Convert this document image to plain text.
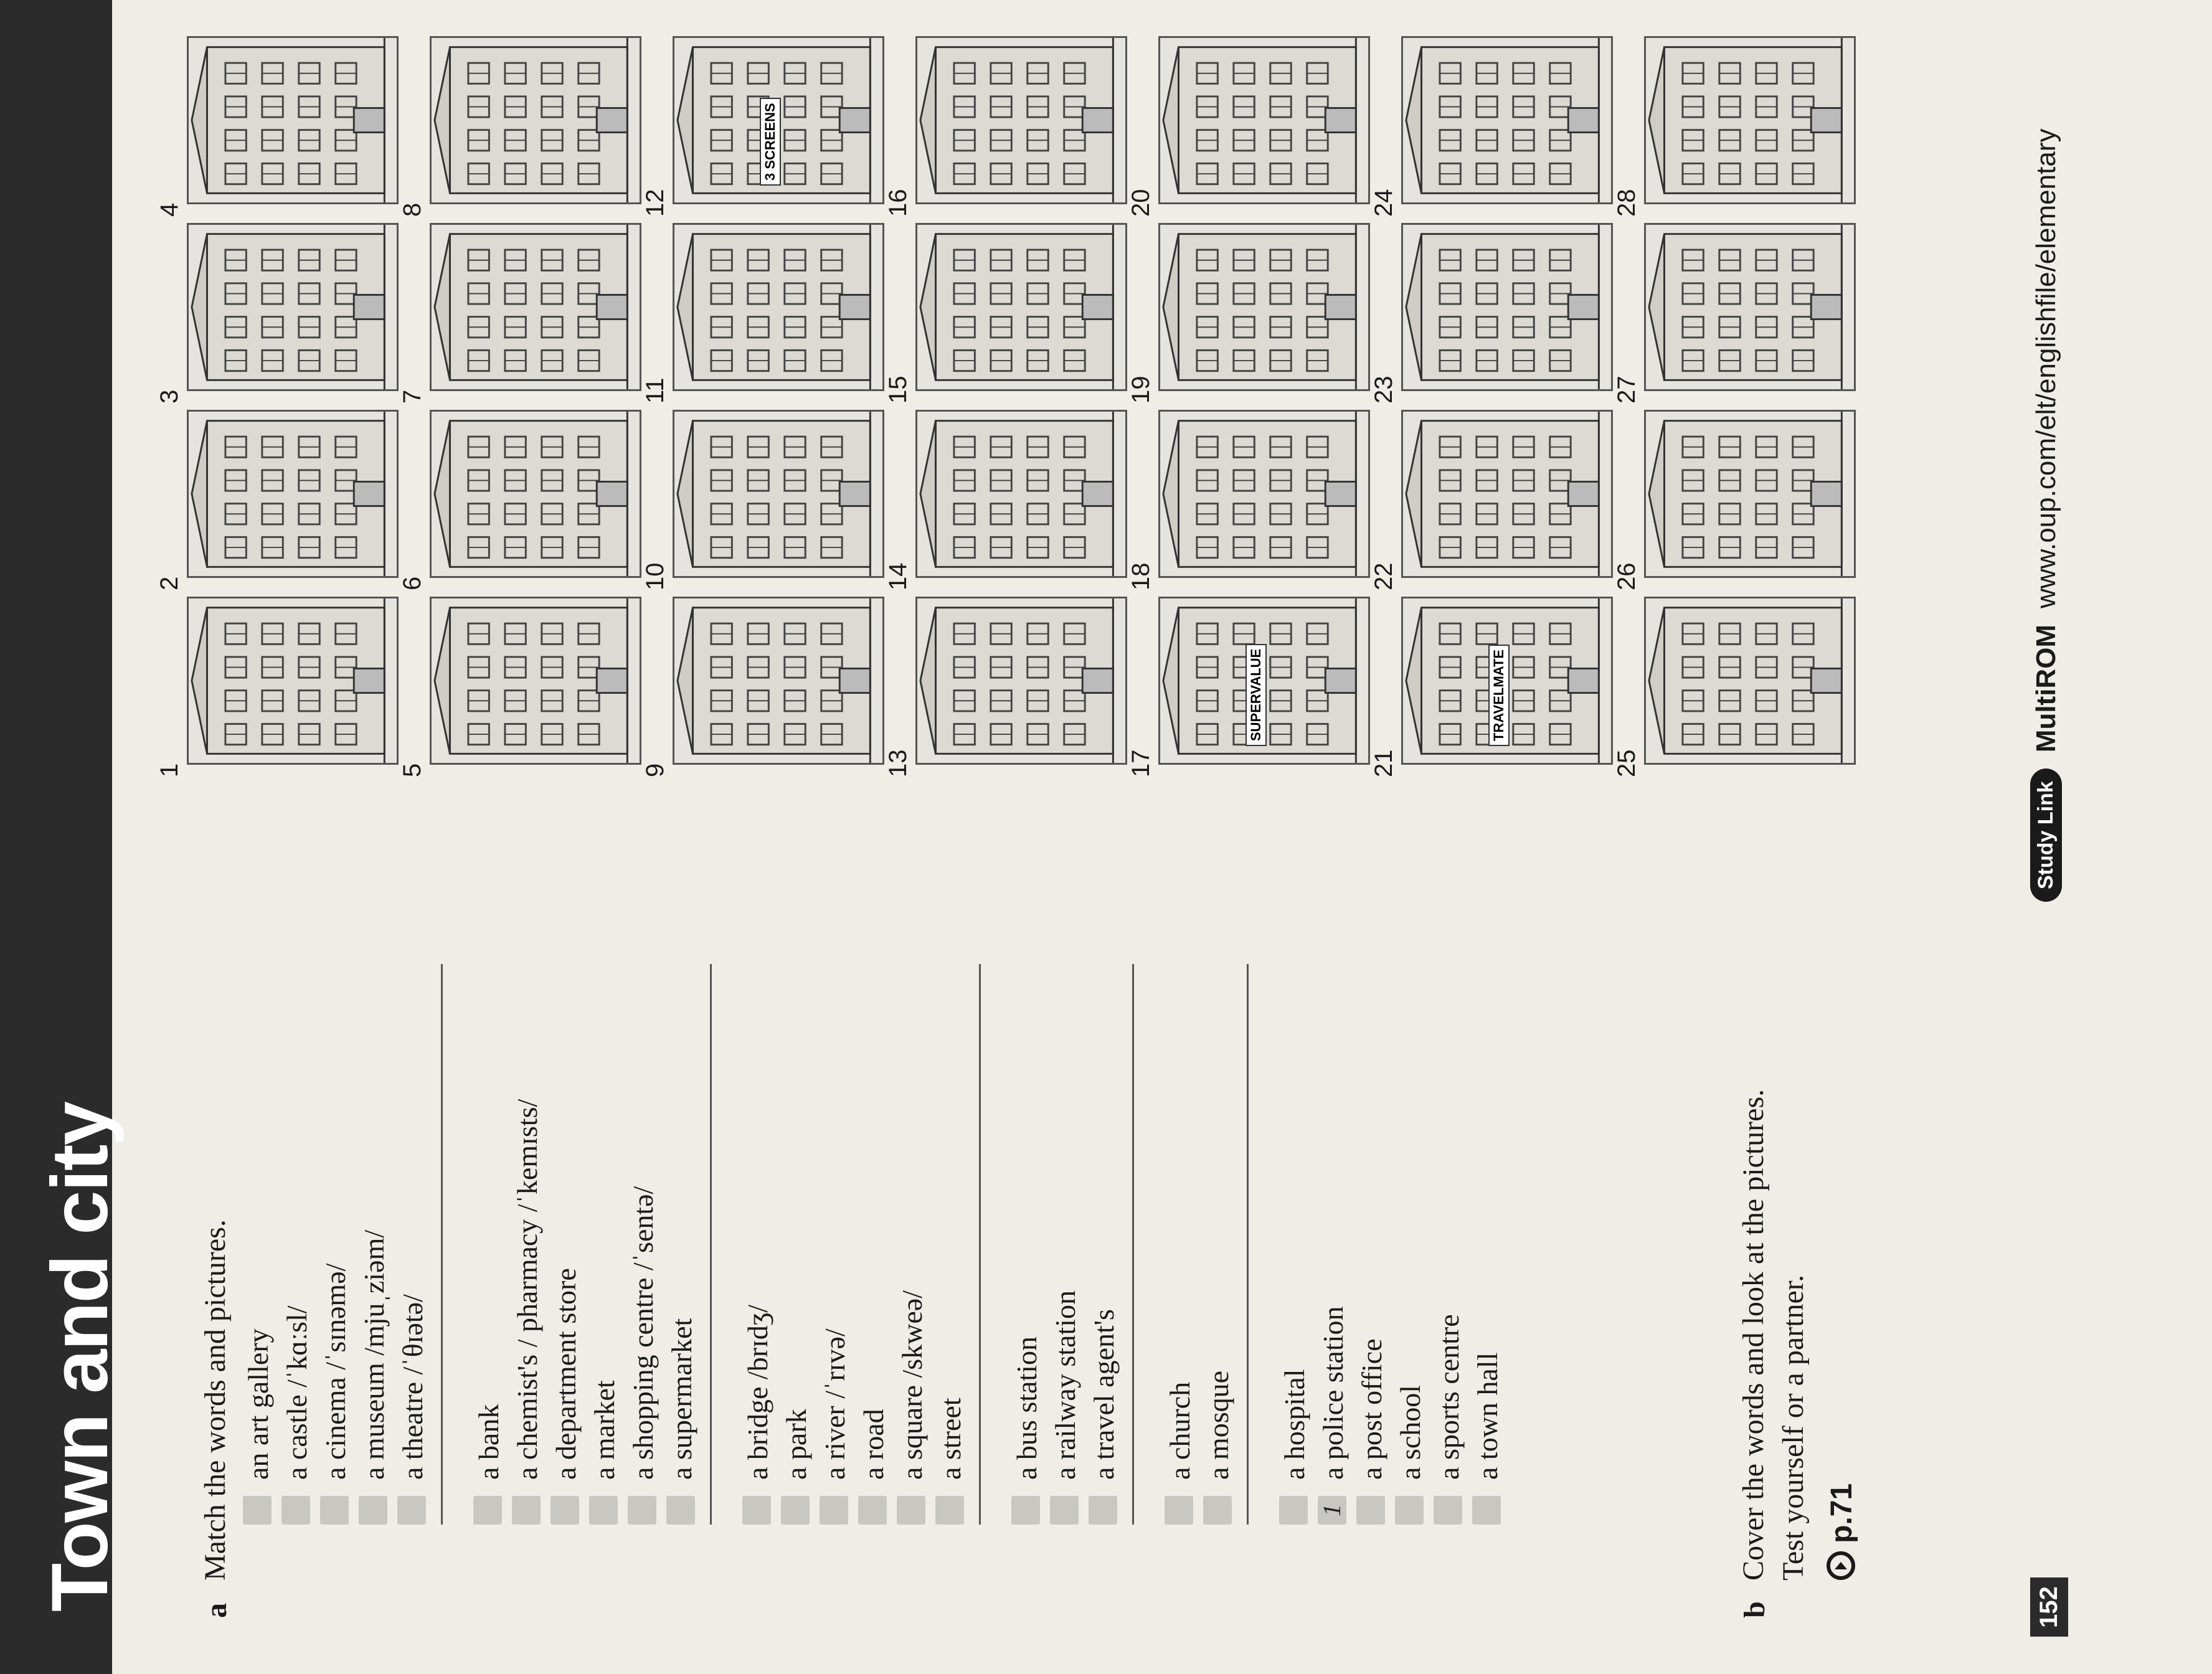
Town and city	a
Match the words and pictures. an art gallery a castle /ˈkɑːsl/ a cinema /ˈsɪnəmə/ a museum /mjuˌziəm/ a theatre /ˈθɪətə/ a bank a chemist's / pharmacy /ˈkemɪsts/ a department store a market a shopping centre /ˈsentə/ a supermarket a bridge /brɪdʒ/ a park a river /ˈrɪvə/ a road a square /skweə/ a street a bus station a railway station a travel agent's a church a mosque a hospital
1
a police station a post office a school a sports centre a town hall
b
Cover the words and look at the pictures. Test yourself or a partner. p.71
1
2
3
4
5
6
7
8
9
10
11
12
3 SCREENS
13
14
15
16
17
SUPERVALUE
18
19
20
21
TRAVELMATE
22
23
24
25
26
27
28
Study Link
MultiROM
www.oup.com/elt/englishfile/elementary
152
